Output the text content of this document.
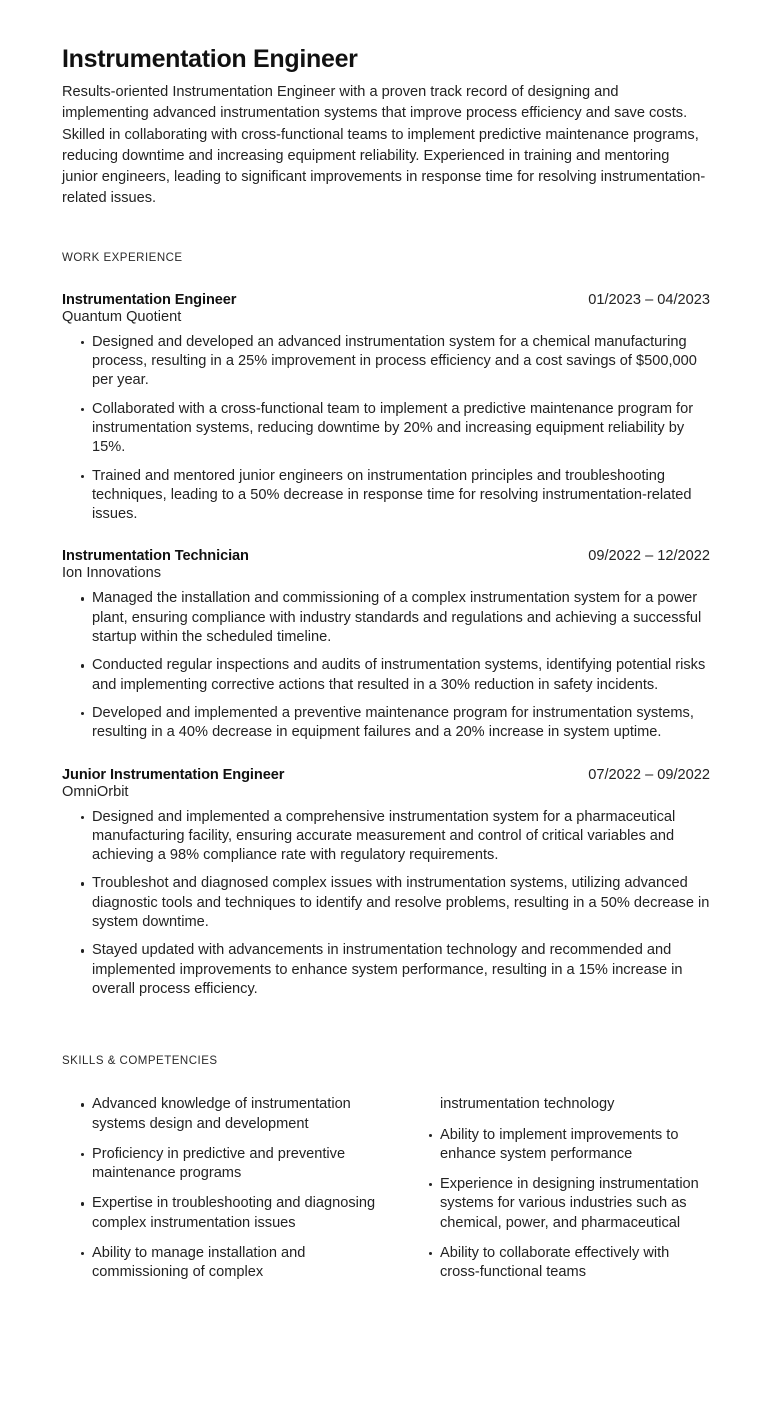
Instrumentation Engineer

Results-oriented Instrumentation Engineer with a proven track record of designing and implementing advanced instrumentation systems that improve process efficiency and save costs. Skilled in collaborating with cross-functional teams to implement predictive maintenance programs, reducing downtime and increasing equipment reliability. Experienced in training and mentoring junior engineers, leading to significant improvements in response time for resolving instrumentation-related issues.

WORK EXPERIENCE
Instrumentation Engineer	01/2023 – 04/2023
Quantum Quotient
Designed and developed an advanced instrumentation system for a chemical manufacturing process, resulting in a 25% improvement in process efficiency and a cost savings of $500,000 per year.
Collaborated with a cross-functional team to implement a predictive maintenance program for instrumentation systems, reducing downtime by 20% and increasing equipment reliability by 15%.
Trained and mentored junior engineers on instrumentation principles and troubleshooting techniques, leading to a 50% decrease in response time for resolving instrumentation-related issues.
Instrumentation Technician	09/2022 – 12/2022
Ion Innovations
Managed the installation and commissioning of a complex instrumentation system for a power plant, ensuring compliance with industry standards and regulations and achieving a successful startup within the scheduled timeline.
Conducted regular inspections and audits of instrumentation systems, identifying potential risks and implementing corrective actions that resulted in a 30% reduction in safety incidents.
Developed and implemented a preventive maintenance program for instrumentation systems, resulting in a 40% decrease in equipment failures and a 20% increase in system uptime.
Junior Instrumentation Engineer	07/2022 – 09/2022
OmniOrbit
Designed and implemented a comprehensive instrumentation system for a pharmaceutical manufacturing facility, ensuring accurate measurement and control of critical variables and achieving a 98% compliance rate with regulatory requirements.
Troubleshot and diagnosed complex issues with instrumentation systems, utilizing advanced diagnostic tools and techniques to identify and resolve problems, resulting in a 50% decrease in system downtime.
Stayed updated with advancements in instrumentation technology and recommended and implemented improvements to enhance system performance, resulting in a 15% increase in overall process efficiency.
SKILLS & COMPETENCIES
Advanced knowledge of instrumentation systems design and development
Proficiency in predictive and preventive maintenance programs
Expertise in troubleshooting and diagnosing complex instrumentation issues
Ability to manage installation and commissioning of complex
instrumentation technology
Ability to implement improvements to enhance system performance
Experience in designing instrumentation systems for various industries such as chemical, power, and pharmaceutical
Ability to collaborate effectively with cross-functional teams
